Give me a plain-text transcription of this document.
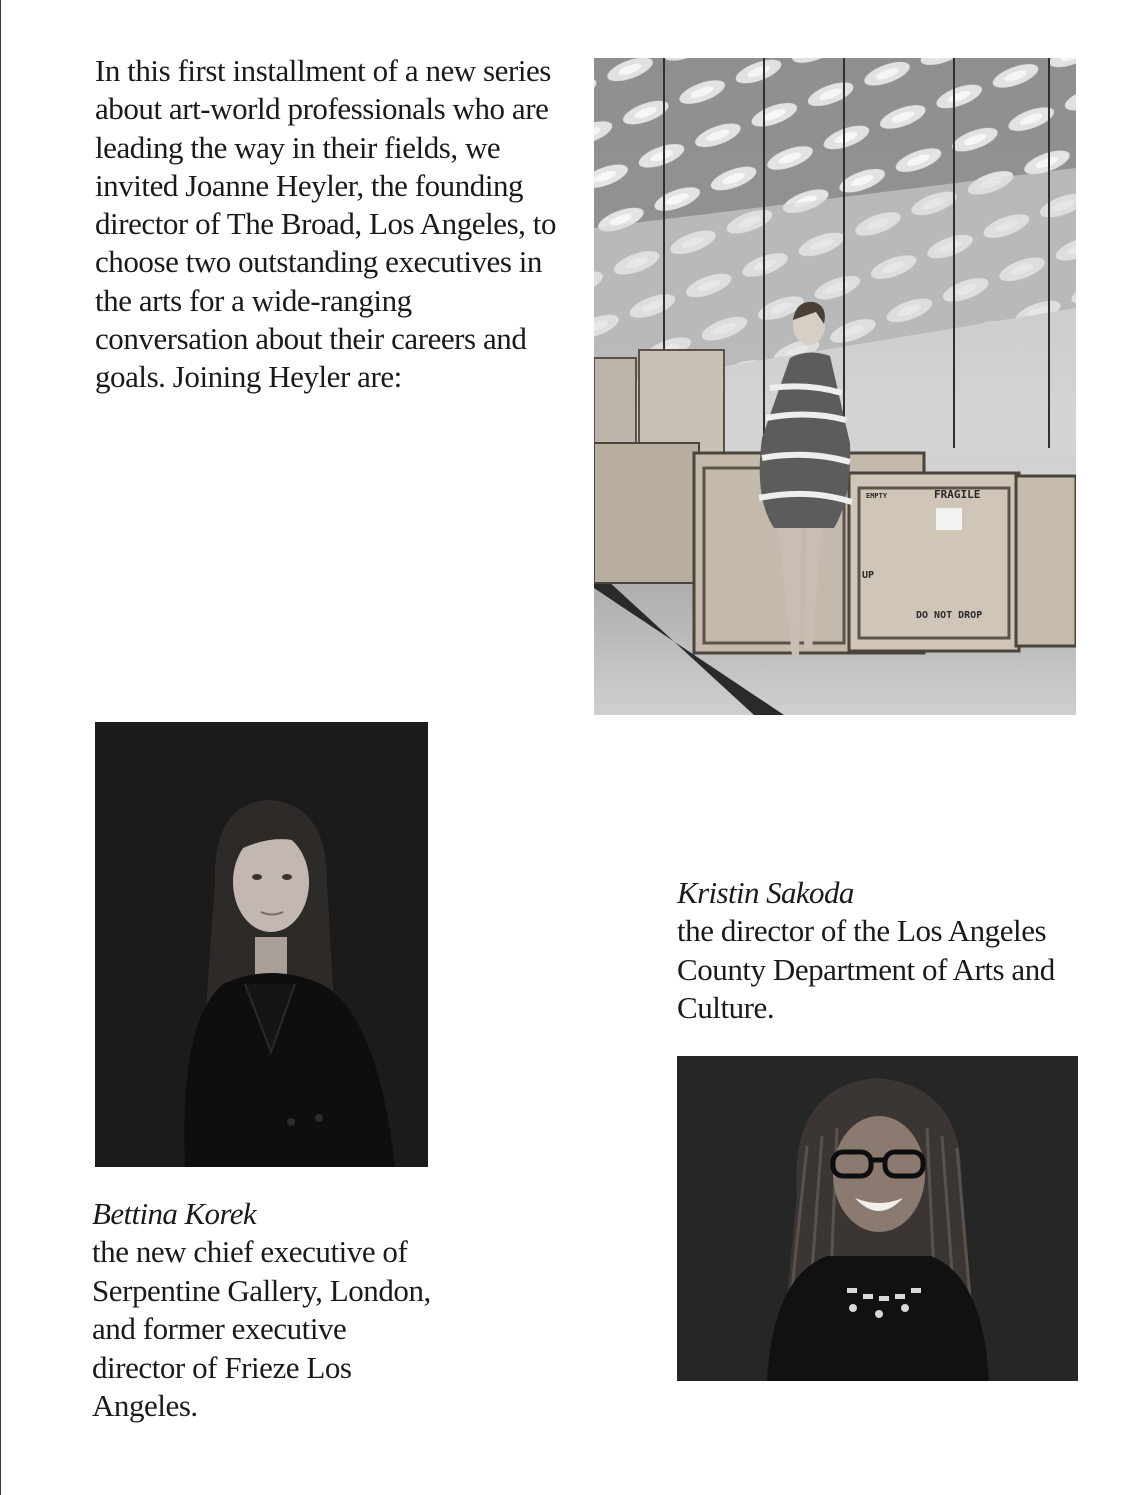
In this first installment of a new series about art-world professionals who are leading the way in their fields, we invited Joanne Heyler, the founding director of The Broad, Los Angeles, to choose two outstanding executives in the arts for a wide-ranging conversation about their careers and goals. Joining Heyler are:

FRAGILE
EMPTY
DO NOT DROP
UP

Kristin Sakoda
the director of the Los Angeles County Department of Arts and Culture.

Bettina Korek
the new chief executive of Serpentine Gallery, London, and former executive director of Frieze Los Angeles.
